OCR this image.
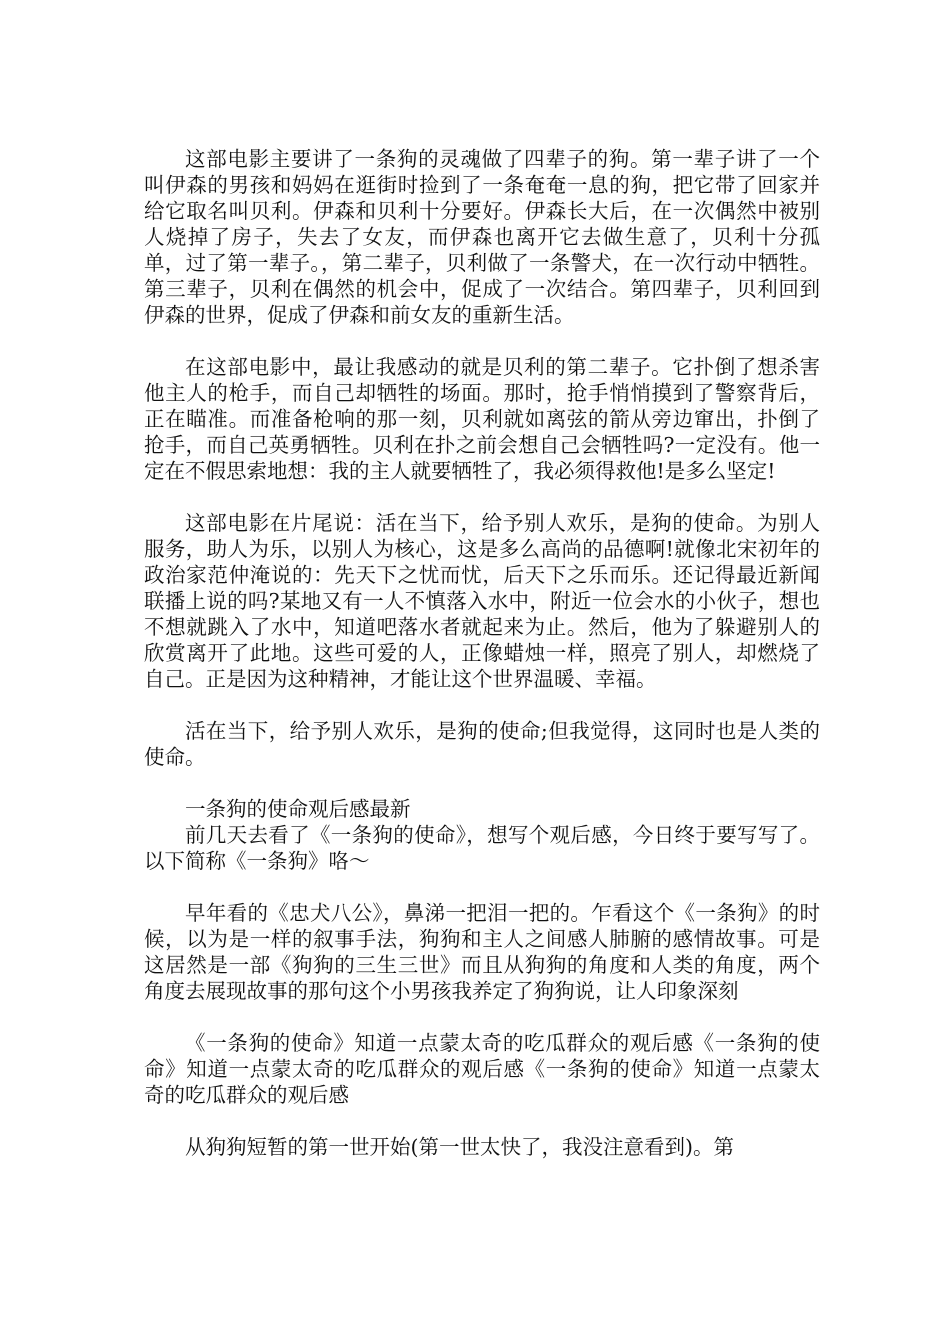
这部电影主要讲了一条狗的灵魂做了四辈子的狗。第一辈子讲了一个叫伊森的男孩和妈妈在逛街时捡到了一条奄奄一息的狗，把它带了回家并给它取名叫贝利。伊森和贝利十分要好。伊森长大后，在一次偶然中被别人烧掉了房子，失去了女友，而伊森也离开它去做生意了，贝利十分孤单，过了第一辈子。，第二辈子，贝利做了一条警犬，在一次行动中牺牲。第三辈子，贝利在偶然的机会中，促成了一次结合。第四辈子，贝利回到伊森的世界，促成了伊森和前女友的重新生活。

在这部电影中，最让我感动的就是贝利的第二辈子。它扑倒了想杀害他主人的枪手，而自己却牺牲的场面。那时，抢手悄悄摸到了警察背后，正在瞄准。而准备枪响的那一刻，贝利就如离弦的箭从旁边窜出，扑倒了抢手，而自己英勇牺牲。贝利在扑之前会想自己会牺牲吗?一定没有。他一定在不假思索地想：我的主人就要牺牲了，我必须得救他!是多么坚定!

这部电影在片尾说：活在当下，给予别人欢乐，是狗的使命。为别人服务，助人为乐，以别人为核心，这是多么高尚的品德啊!就像北宋初年的政治家范仲淹说的：先天下之忧而忧，后天下之乐而乐。还记得最近新闻联播上说的吗?某地又有一人不慎落入水中，附近一位会水的小伙子，想也不想就跳入了水中，知道吧落水者就起来为止。然后，他为了躲避别人的欣赏离开了此地。这些可爱的人，正像蜡烛一样，照亮了别人，却燃烧了自己。正是因为这种精神，才能让这个世界温暖、幸福。

活在当下，给予别人欢乐，是狗的使命;但我觉得，这同时也是人类的使命。

一条狗的使命观后感最新

前几天去看了《一条狗的使命》，想写个观后感，今日终于要写写了。以下简称《一条狗》咯～

早年看的《忠犬八公》，鼻涕一把泪一把的。乍看这个《一条狗》的时候，以为是一样的叙事手法，狗狗和主人之间感人肺腑的感情故事。可是这居然是一部《狗狗的三生三世》而且从狗狗的角度和人类的角度，两个角度去展现故事的那句这个小男孩我养定了狗狗说，让人印象深刻

《一条狗的使命》知道一点蒙太奇的吃瓜群众的观后感《一条狗的使命》知道一点蒙太奇的吃瓜群众的观后感《一条狗的使命》知道一点蒙太奇的吃瓜群众的观后感

从狗狗短暂的第一世开始(第一世太快了，我没注意看到)。第
